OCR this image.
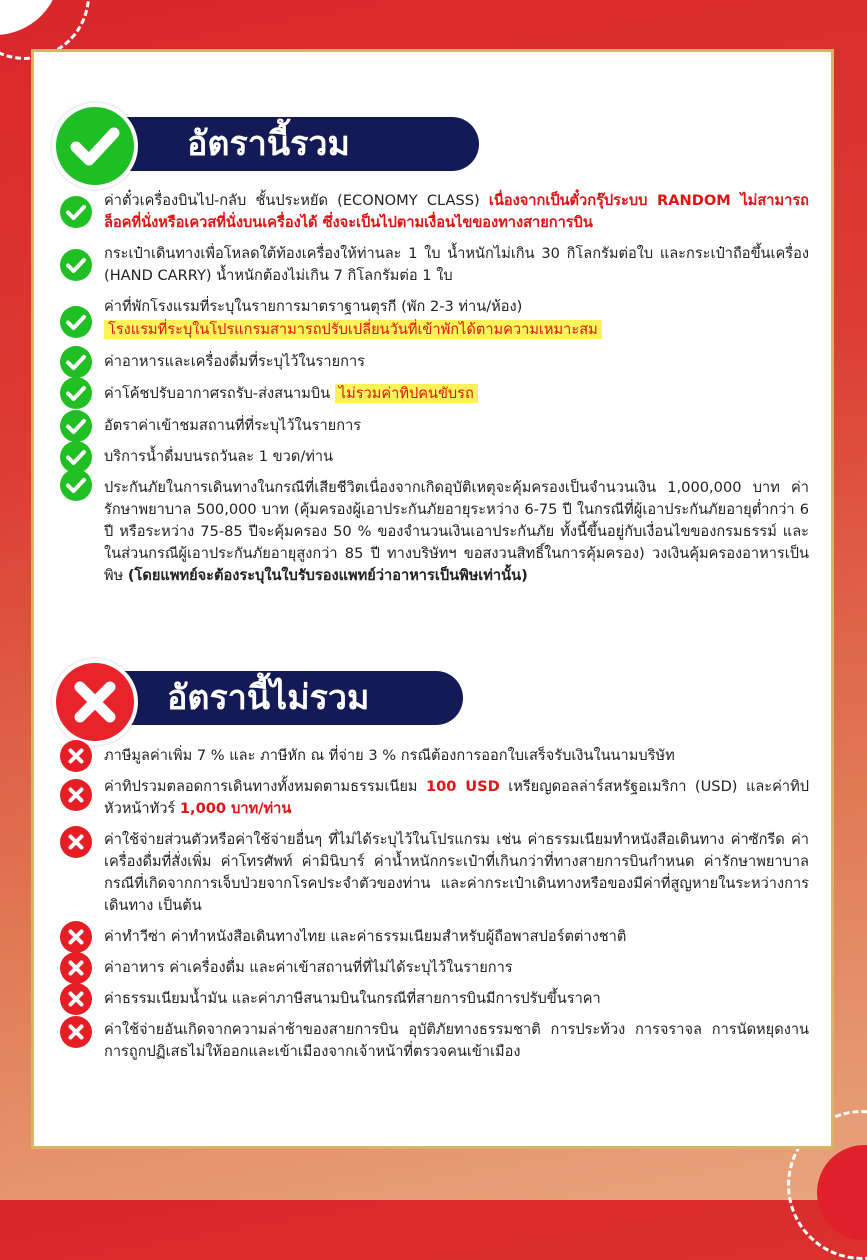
อัตรานี้รวม
ค่าตั๋วเครื่องบินไป-กลับ ชั้นประหยัด (ECONOMY CLASS) เนื่องจากเป็นตั๋วกรุ๊ประบบ RANDOM ไม่สามารถล็อคที่นั่งหรือเควสที่นั่งบนเครื่องได้ ซึ่งจะเป็นไปตามเงื่อนไขของทางสายการบิน
กระเป๋าเดินทางเพื่อโหลดใต้ท้องเครื่องให้ท่านละ 1 ใบ น้ำหนักไม่เกิน 30 กิโลกรัมต่อใบ และกระเป๋าถือขึ้นเครื่อง (HAND CARRY) น้ำหนักต้องไม่เกิน 7 กิโลกรัมต่อ 1 ใบ
ค่าที่พักโรงแรมที่ระบุในรายการมาตราฐานตุรกี (พัก 2-3 ท่าน/ห้อง)
โรงแรมที่ระบุในโปรแกรมสามารถปรับเปลี่ยนวันที่เข้าพักได้ตามความเหมาะสม
ค่าอาหารและเครื่องดื่มที่ระบุไว้ในรายการ
ค่าโค้ชปรับอากาศรถรับ-ส่งสนามบิน ไม่รวมค่าทิปคนขับรถ
อัตราค่าเข้าชมสถานที่ที่ระบุไว้ในรายการ
บริการน้ำดื่มบนรถวันละ 1 ขวด/ท่าน
ประกันภัยในการเดินทางในกรณีที่เสียชีวิตเนื่องจากเกิดอุบัติเหตุจะคุ้มครองเป็นจำนวนเงิน 1,000,000 บาท ค่ารักษาพยาบาล 500,000 บาท (คุ้มครองผู้เอาประกันภัยอายุระหว่าง 6-75 ปี ในกรณีที่ผู้เอาประกันภัยอายุต่ำกว่า 6 ปี หรือระหว่าง 75-85 ปีจะคุ้มครอง 50 % ของจำนวนเงินเอาประกันภัย ทั้งนี้ขึ้นอยู่กับเงื่อนไขของกรมธรรม์ และในส่วนกรณีผู้เอาประกันภัยอายุสูงกว่า 85 ปี ทางบริษัทฯ ขอสงวนสิทธิ์ในการคุ้มครอง) วงเงินคุ้มครองอาหารเป็นพิษ (โดยแพทย์จะต้องระบุในใบรับรองแพทย์ว่าอาหารเป็นพิษเท่านั้น)
อัตรานี้ไม่รวม
ภาษีมูลค่าเพิ่ม 7 % และ ภาษีหัก ณ ที่จ่าย 3 % กรณีต้องการออกใบเสร็จรับเงินในนามบริษัท
ค่าทิปรวมตลอดการเดินทางทั้งหมดตามธรรมเนียม 100 USD เหรียญดอลล่าร์สหรัฐอเมริกา (USD) และค่าทิปหัวหน้าทัวร์ 1,000 บาท/ท่าน
ค่าใช้จ่ายส่วนตัวหรือค่าใช้จ่ายอื่นๆ ที่ไม่ได้ระบุไว้ในโปรแกรม เช่น ค่าธรรมเนียมทำหนังสือเดินทาง ค่าซักรีด ค่าเครื่องดื่มที่สั่งเพิ่ม ค่าโทรศัพท์ ค่ามินิบาร์ ค่าน้ำหนักกระเป๋าที่เกินกว่าที่ทางสายการบินกำหนด ค่ารักษาพยาบาลกรณีที่เกิดจากการเจ็บป่วยจากโรคประจำตัวของท่าน และค่ากระเป๋าเดินทางหรือของมีค่าที่สูญหายในระหว่างการเดินทาง เป็นต้น
ค่าทำวีซ่า ค่าทำหนังสือเดินทางไทย และค่าธรรมเนียมสำหรับผู้ถือพาสปอร์ตต่างชาติ
ค่าอาหาร ค่าเครื่องดื่ม และค่าเข้าสถานที่ที่ไม่ได้ระบุไว้ในรายการ
ค่าธรรมเนียมน้ำมัน และค่าภาษีสนามบินในกรณีที่สายการบินมีการปรับขึ้นราคา
ค่าใช้จ่ายอันเกิดจากความล่าช้าของสายการบิน อุบัติภัยทางธรรมชาติ การประท้วง การจราจล การนัดหยุดงาน การถูกปฏิเสธไม่ให้ออกและเข้าเมืองจากเจ้าหน้าที่ตรวจคนเข้าเมือง
